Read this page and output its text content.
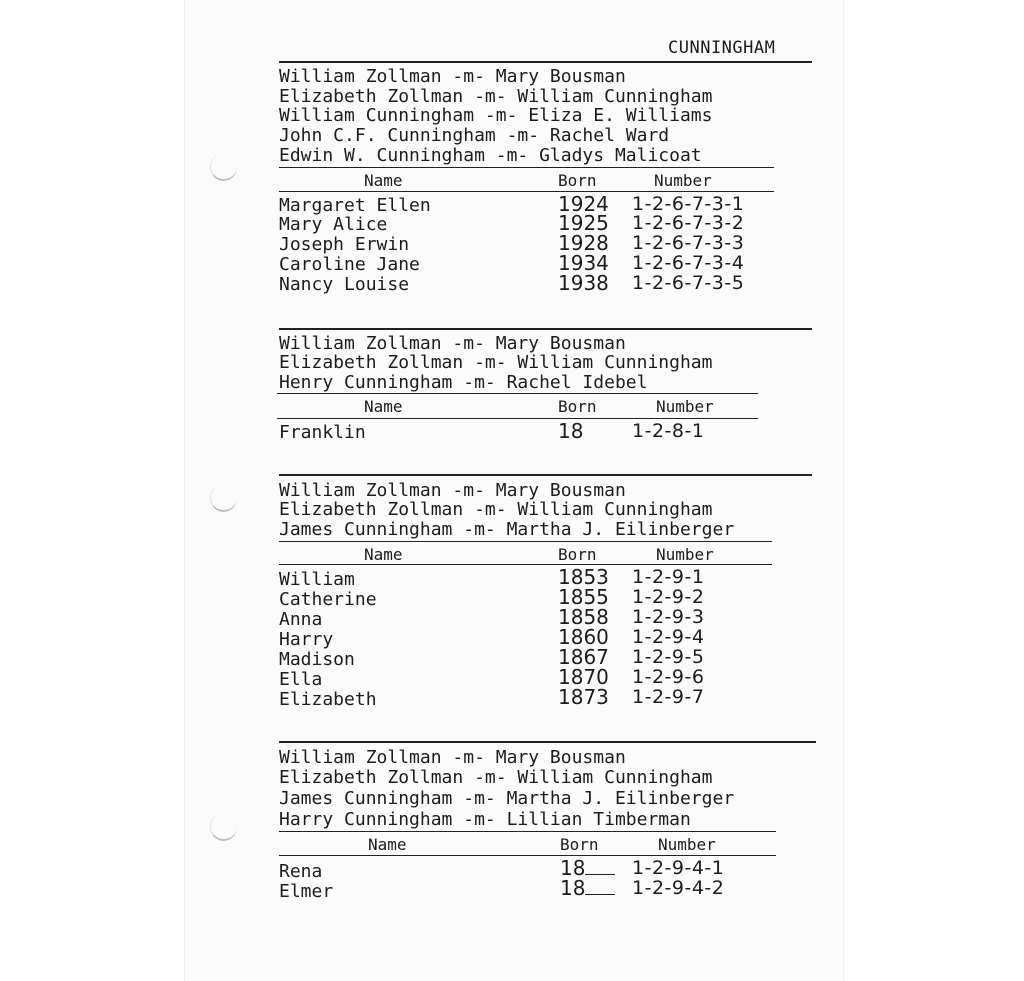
CUNNINGHAM
William Zollman -m- Mary Bousman
Elizabeth Zollman -m- William Cunningham
William Cunningham -m- Eliza E. Williams
John C.F. Cunningham -m- Rachel Ward
Edwin W. Cunningham -m- Gladys Malicoat
Name	Born	Number
Margaret Ellen	1924 1-2-6-7-3-1
Mary Alice	1925 1-2-6-7-3-2
Joseph Erwin	1928 1-2-6-7-3-3
Caroline Jane	1934 1-2-6-7-3-4
Nancy Louise	1938 1-2-6-7-3-5
William Zollman -m- Mary Bousman
Elizabeth Zollman -m- William Cunningham
Henry Cunningham -m- Rachel Idebel
Name	Born	Number
Franklin	18	1-2-8-1
William Zollman -m- Mary Bousman
Elizabeth Zollman -m- William Cunningham
James Cunningham -m- Martha J. Eilinberger
Name	Born	Number
William	1853 1-2-9-1
Catherine	1855 1-2-9-2
Anna	1858 1-2-9-3
Harry	1860 1-2-9-4
Madison	1867 1-2-9-5
Ella	1870 1-2-9-6
Elizabeth	1873 1-2-9-7
William Zollman -m- Mary Bousman
Elizabeth Zollman -m- William Cunningham
James Cunningham -m- Martha J. Eilinberger
Harry Cunningham -m- Lillian Timberman
Name	Born	Number
Rena	18	1-2-9-4-1
Elmer	18	1-2-9-4-2
